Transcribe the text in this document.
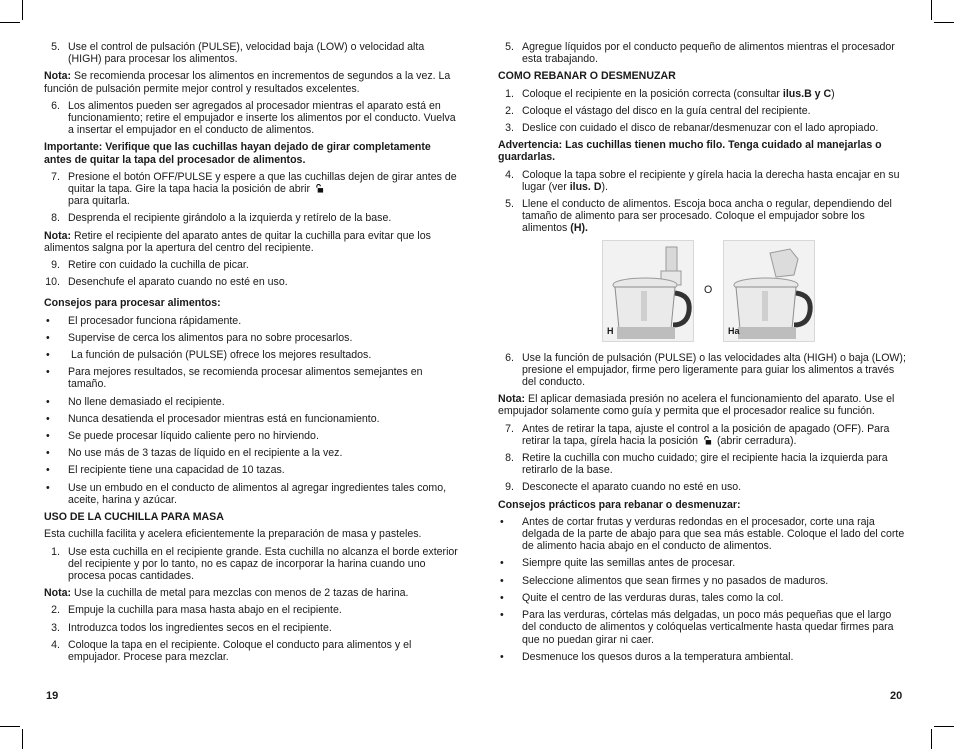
5. Use el control de pulsación (PULSE), velocidad baja (LOW) o velocidad alta (HIGH) para procesar los alimentos.
Nota: Se recomienda procesar los alimentos en incrementos de segundos a la vez. La función de pulsación permite mejor control y resultados excelentes.
6. Los alimentos pueden ser agregados al procesador mientras el aparato está en funcionamiento; retire el empujador e inserte los alimentos por el conducto. Vuelva a insertar el empujador en el conducto de alimentos.
Importante: Verifique que las cuchillas hayan dejado de girar completamente antes de quitar la tapa del procesador de alimentos.
7. Presione el botón OFF/PULSE y espere a que las cuchillas dejen de girar antes de quitar la tapa. Gire la tapa hacia la posición de abrir
para quitarla.
8. Desprenda el recipiente girándolo a la izquierda y retírelo de la base.
Nota: Retire el recipiente del aparato antes de quitar la cuchilla para evitar que los alimentos salgna por la apertura del centro del recipiente.
9. Retire con cuidado la cuchilla de picar.
10. Desenchufe el aparato cuando no esté en uso.
Consejos para procesar alimentos:
•	El procesador funciona rápidamente.
•	Supervise de cerca los alimentos para no sobre procesarlos.
•	La función de pulsación (PULSE) ofrece los mejores resultados.
•	Para mejores resultados, se recomienda procesar alimentos semejantes en tamaño.
•	No llene demasiado el recipiente.
•	Nunca desatienda el procesador mientras está en funcionamiento.
•	Se puede procesar líquido caliente pero no hirviendo.
•	No use más de 3 tazas de líquido en el recipiente a la vez.
•	El recipiente tiene una capacidad de 10 tazas.
•	Use un embudo en el conducto de alimentos al agregar ingredientes tales como, aceite, harina y azúcar.
USO DE LA CUCHILLA PARA MASA
Esta cuchilla facilita y acelera eficientemente la preparación de masa y pasteles.
1. Use esta cuchilla en el recipiente grande. Esta cuchilla no alcanza el borde exterior del recipiente y por lo tanto, no es capaz de incorporar la harina cuando uno procesa pocas cantidades.
Nota: Use la cuchilla de metal para mezclas con menos de 2 tazas de harina.
2. Empuje la cuchilla para masa hasta abajo en el recipiente.
3. Introduzca todos los ingredientes secos en el recipiente.
4. Coloque la tapa en el recipiente. Coloque el conducto para alimentos y el empujador. Procese para mezclar.
19
5. Agregue líquidos por el conducto pequeño de alimentos mientras el procesador esta trabajando.
COMO REBANAR O DESMENUZAR
1. Coloque el recipiente en la posición correcta (consultar ilus.B y C)
2. Coloque el vástago del disco en la guía central del recipiente.
3. Deslice con cuidado el disco de rebanar/desmenuzar con el lado apropiado.
Advertencia: Las cuchillas tienen mucho filo. Tenga cuidado al manejarlas o guardarlas.
4. Coloque la tapa sobre el recipiente y gírela hacia la derecha hasta encajar en su lugar (ver ilus. D).
5. Llene el conducto de alimentos. Escoja boca ancha o regular, dependiendo del tamaño de alimento para ser procesado. Coloque el empujador sobre los alimentos (H).
H
O
Ha
6. Use la función de pulsación (PULSE) o las velocidades alta (HIGH) o baja (LOW); presione el empujador, firme pero ligeramente para guiar los alimentos a través del conducto.
Nota: El aplicar demasiada presión no acelera el funcionamiento del aparato. Use el empujador solamente como guía y permita que el procesador realice su función.
7. Antes de retirar la tapa, ajuste el control a la posición de apagado (OFF). Para retirar la tapa, gírela hacia la posición (abrir cerradura).
8. Retire la cuchilla con mucho cuidado; gire el recipiente hacia la izquierda para retirarlo de la base.
9. Desconecte el aparato cuando no esté en uso.
Consejos prácticos para rebanar o desmenuzar:
•	Antes de cortar frutas y verduras redondas en el procesador, corte una raja delgada de la parte de abajo para que sea más estable. Coloque el lado del corte de alimento hacia abajo en el conducto de alimentos.
•	Siempre quite las semillas antes de procesar.
•	Seleccione alimentos que sean firmes y no pasados de maduros.
•	Quite el centro de las verduras duras, tales como la col.
•	Para las verduras, córtelas más delgadas, un poco más pequeñas que el largo del conducto de alimentos y colóquelas verticalmente hasta quedar firmes para que no puedan girar ni caer.
•	Desmenuce los quesos duros a la temperatura ambiental.
20
